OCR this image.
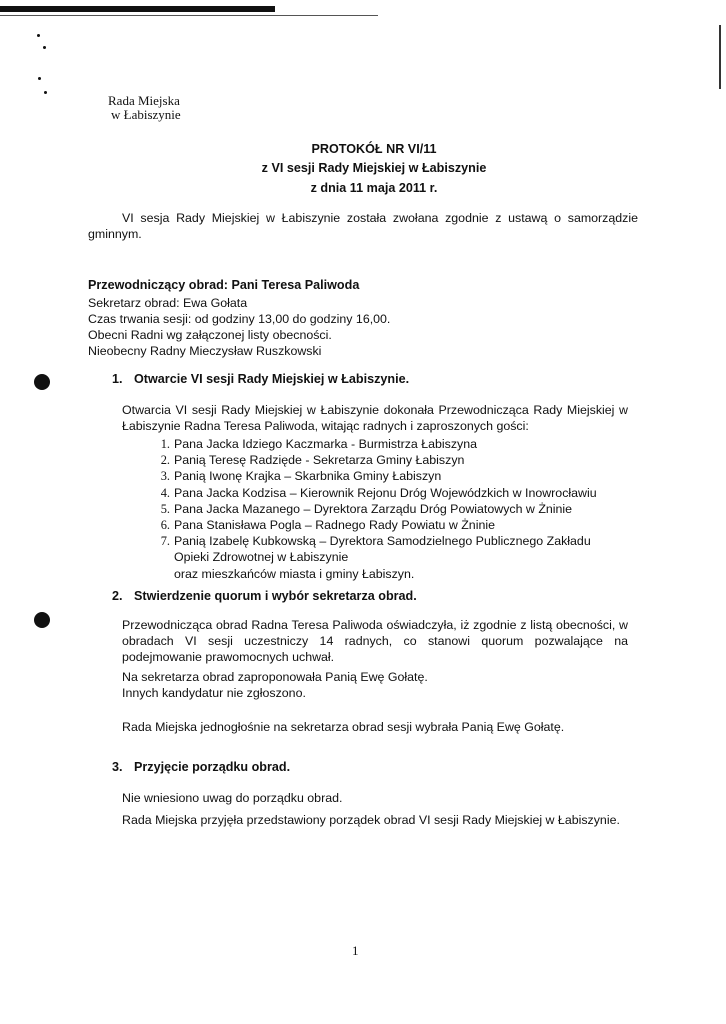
Rada Miejska
w Łabiszynie
PROTOKÓŁ NR VI/11
z VI sesji Rady Miejskiej w Łabiszynie
z dnia 11 maja 2011 r.
VI sesja Rady Miejskiej w Łabiszynie została zwołana zgodnie z ustawą o samorządzie gminnym.
Przewodniczący obrad: Pani Teresa Paliwoda
Sekretarz obrad: Ewa Gołata
Czas trwania sesji: od godziny 13,00 do godziny 16,00.
Obecni Radni wg załączonej listy obecności.
Nieobecny Radny Mieczysław Ruszkowski
1. Otwarcie VI sesji Rady Miejskiej w Łabiszynie.
Otwarcia VI sesji Rady Miejskiej w Łabiszynie dokonała Przewodnicząca Rady Miejskiej w Łabiszynie Radna Teresa Paliwoda, witając radnych i zaproszonych gości:
1. Pana Jacka Idziego Kaczmarka - Burmistrza Łabiszyna
2. Panią Teresę Radzięde - Sekretarza Gminy Łabiszyn
3. Panią Iwonę Krajka – Skarbnika Gminy Łabiszyn
4. Pana Jacka Kodzisa – Kierownik Rejonu Dróg Wojewódzkich w Inowrocławiu
5. Pana Jacka Mazanego – Dyrektora Zarządu Dróg Powiatowych w Żninie
6. Pana Stanisława Pogla – Radnego Rady Powiatu w Żninie
7. Panią Izabelę Kubkowską – Dyrektora Samodzielnego Publicznego Zakładu
Opieki Zdrowotnej w Łabiszynie
oraz mieszkańców miasta i gminy Łabiszyn.
2. Stwierdzenie quorum i wybór sekretarza obrad.
Przewodnicząca obrad Radna Teresa Paliwoda oświadczyła, iż zgodnie z listą obecności, w obradach VI sesji uczestniczy 14 radnych, co stanowi quorum pozwalające na podejmowanie prawomocnych uchwał.
Na sekretarza obrad zaproponowała Panią Ewę Gołatę.
Innych kandydatur nie zgłoszono.
Rada Miejska jednogłośnie na sekretarza obrad sesji wybrała Panią Ewę Gołatę.
3. Przyjęcie porządku obrad.
Nie wniesiono uwag do porządku obrad.
Rada Miejska przyjęła przedstawiony porządek obrad VI sesji Rady Miejskiej w Łabiszynie.
1
